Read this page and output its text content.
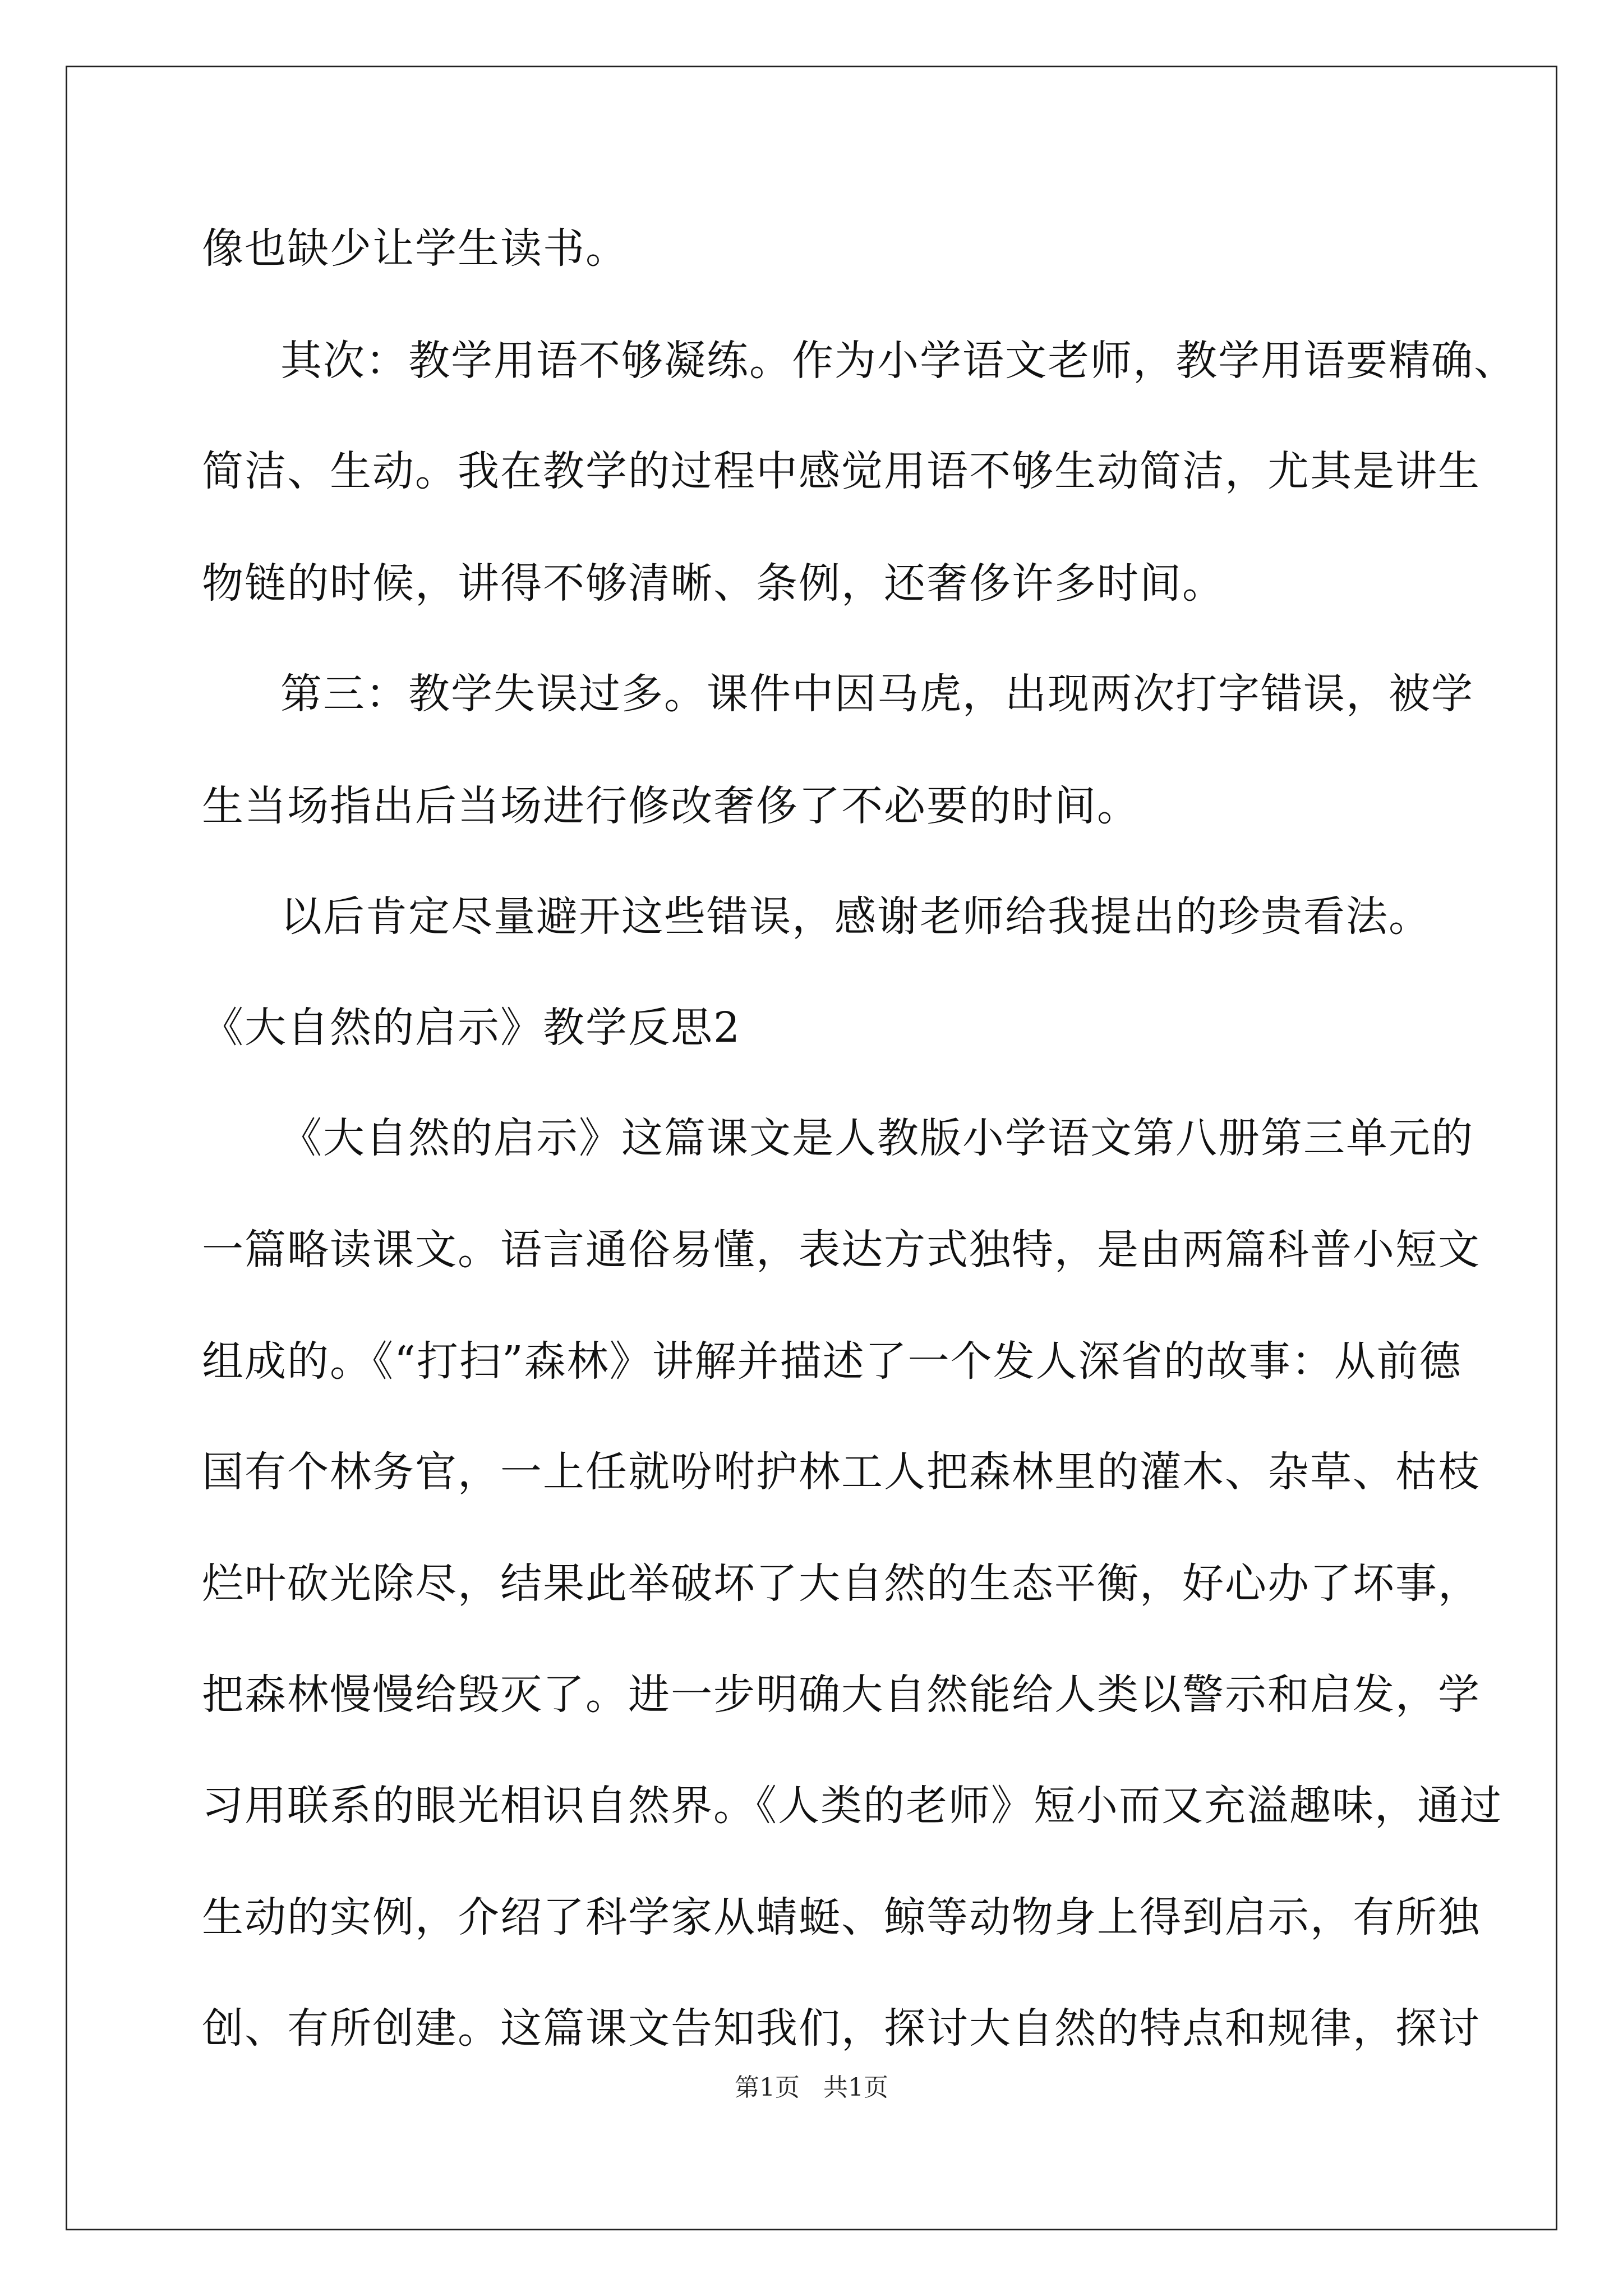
像也缺少让学生读书。
其次：教学用语不够凝练。作为小学语文老师，教学用语要精确、
简洁、生动。我在教学的过程中感觉用语不够生动简洁，尤其是讲生
物链的时候，讲得不够清晰、条例，还奢侈许多时间。
第三：教学失误过多。课件中因马虎，出现两次打字错误，被学
生当场指出后当场进行修改奢侈了不必要的时间。
以后肯定尽量避开这些错误，感谢老师给我提出的珍贵看法。
《大自然的启示》教学反思2
《大自然的启示》这篇课文是人教版小学语文第八册第三单元的
一篇略读课文。语言通俗易懂，表达方式独特，是由两篇科普小短文
组成的。《“打扫”森林》讲解并描述了一个发人深省的故事：从前德
国有个林务官，一上任就吩咐护林工人把森林里的灌木、杂草、枯枝
烂叶砍光除尽，结果此举破坏了大自然的生态平衡，好心办了坏事，
把森林慢慢给毁灭了。进一步明确大自然能给人类以警示和启发，学
习用联系的眼光相识自然界。《人类的老师》短小而又充溢趣味，通过
生动的实例，介绍了科学家从蜻蜓、鲸等动物身上得到启示，有所独
创、有所创建。这篇课文告知我们，探讨大自然的特点和规律，探讨
第1页   共1页
